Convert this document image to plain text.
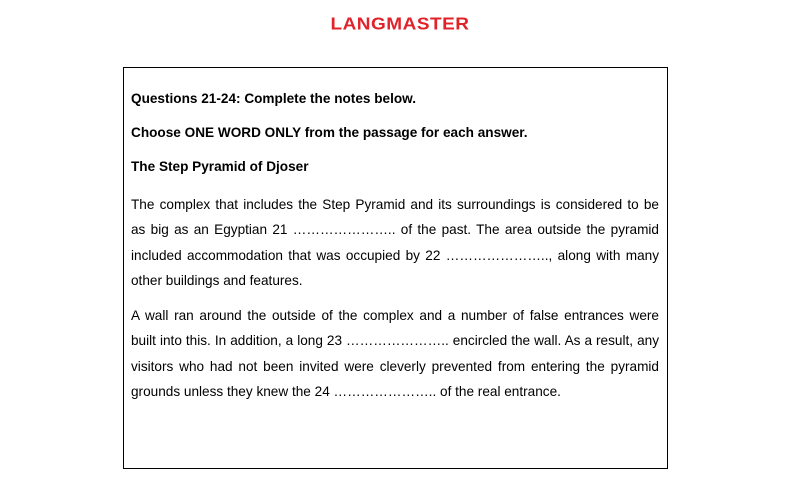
LANGMASTER

Questions 21-24: Complete the notes below.

Choose ONE WORD ONLY from the passage for each answer.

The Step Pyramid of Djoser

The complex that includes the Step Pyramid and its surroundings is considered to be as big as an Egyptian 21 ………………….. of the past. The area outside the pyramid included accommodation that was occupied by 22 ………………….., along with many other buildings and features.

A wall ran around the outside of the complex and a number of false entrances were built into this. In addition, a long 23 ………………….. encircled the wall. As a result, any visitors who had not been invited were cleverly prevented from entering the pyramid grounds unless they knew the 24 ………………….. of the real entrance.
